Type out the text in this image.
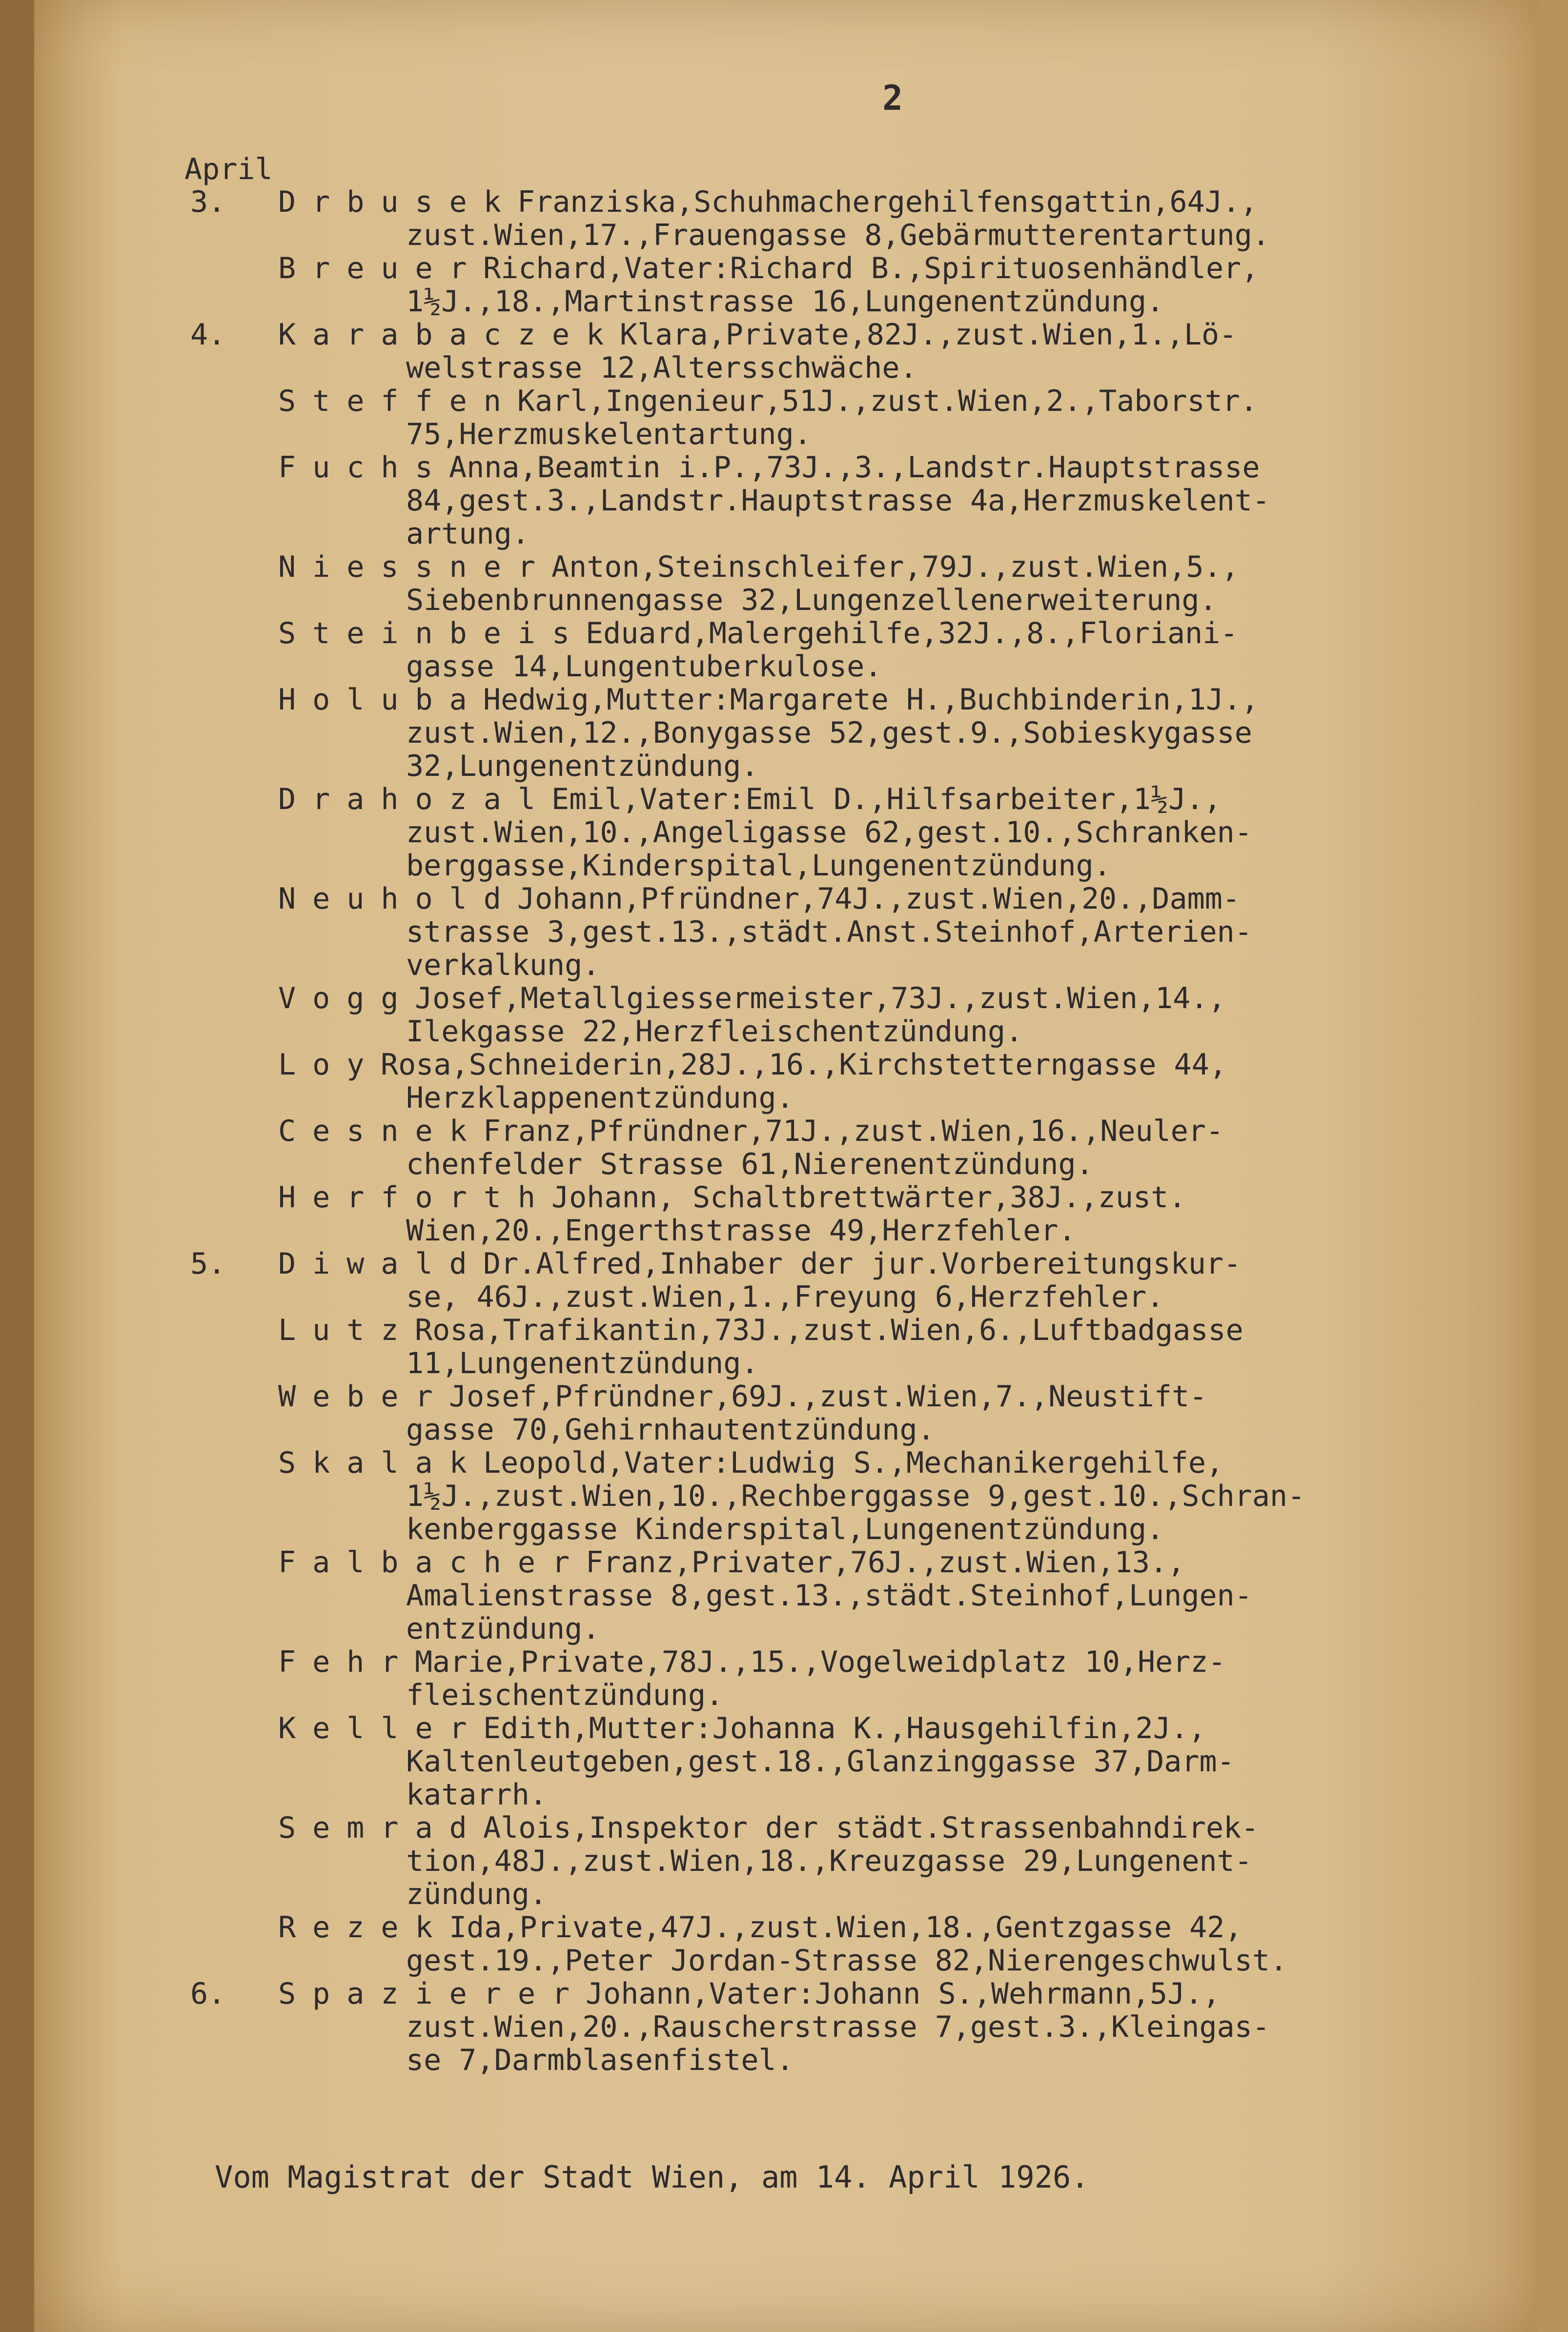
2
April
3.	Drbusek Franziska,Schuhmachergehilfensgattin,64J.,
zust.Wien,17.,Frauengasse 8,Gebärmutterentartung.
Breuer Richard,Vater:Richard B.,Spirituosenhändler,
1½J.,18.,Martinstrasse 16,Lungenentzündung.
4.	Karabaczek
Klara,Private,82J.,zust.Wien,1.,Lö-
welstrasse 12,Altersschwäche.
Steffen Karl,Ingenieur,51J.,zust.Wien,2.,Taborstr.
75,Herzmuskelentartung.
Fuchs Anna,Beamtin i.P.,73J.,3.,Landstr.Hauptstrasse
84,gest.3.,Landstr.Hauptstrasse 4a,Herzmuskelent-
artung.
Niessner Anton,Steinschleifer,79J.,zust.Wien,5.,
Siebenbrunnengasse 32,Lungenzellenerweiterung.
Steinbeis
Eduard,Malergehilfe,32J.,8.,Floriani-
gasse 14,Lungentuberkulose.
Holuba Hedwig,Mutter:Margarete H.,Buchbinderin,1J.,
zust.Wien,12.,Bonygasse 52,gest.9.,Sobieskygasse
32,Lungenentzündung.
Drahozal Emil,Vater:Emil D.,Hilfsarbeiter,1½J.,
zust.Wien,10.,Angeligasse 62,gest.10.,Schranken-
berggasse,Kinderspital,Lungenentzündung.
Neuhold Johann,Pfründner,74J.,zust.Wien,20.,Damm-
strasse 3,gest.13.,städt.Anst.Steinhof,Arterien-
verkalkung.
Vogg Josef,Metallgiessermeister,73J.,zust.Wien,14.,
Ilekgasse 22,Herzfleischentzündung.
Loy Rosa,Schneiderin,28J.,16.,Kirchstetterngasse 44,
Herzklappenentzündung.
Cesnek Franz,Pfründner,71J.,zust.Wien,16.,Neuler-
chenfelder Strasse 61,Nierenentzündung.
Herforth Johann, Schaltbrettwärter,38J.,zust.
Wien,20.,Engerthstrasse 49,Herzfehler.
5.	Diwald Dr.Alfred,Inhaber der jur.Vorbereitungskur-
se, 46J.,zust.Wien,1.,Freyung 6,Herzfehler.
Lutz Rosa,Trafikantin,73J.,zust.Wien,6.,Luftbadgasse
11,Lungenentzündung.
Weber Josef,Pfründner,69J.,zust.Wien,7.,Neustift-
gasse 70,Gehirnhautentzündung.
Skalak Leopold,Vater:Ludwig S.,Mechanikergehilfe,
1½J.,zust.Wien,10.,Rechberggasse 9,gest.10.,Schran-
kenberggasse Kinderspital,Lungenentzündung.
Falbacher
Franz,Privater,76J.,zust.Wien,13.,
Amalienstrasse 8,gest.13.,städt.Steinhof,Lungen-
entzündung.
Fehr Marie,Private,78J.,15.,Vogelweidplatz 10,Herz-
fleischentzündung.
Keller Edith,Mutter:Johanna K.,Hausgehilfin,2J.,
Kaltenleutgeben,gest.18.,Glanzinggasse 37,Darm-
katarrh.
Semrad Alois,Inspektor der städt.Strassenbahndirek-
tion,48J.,zust.Wien,18.,Kreuzgasse 29,Lungenent-
zündung.
Rezek Ida,Private,47J.,zust.Wien,18.,Gentzgasse 42,
gest.19.,Peter Jordan-Strasse 82,Nierengeschwulst.
6.	Spazierer
Johann,Vater:Johann S.,Wehrmann,5J.,
zust.Wien,20.,Rauscherstrasse 7,gest.3.,Kleingas-
se 7,Darmblasenfistel.
Vom Magistrat der Stadt Wien, am 14. April 1926.
